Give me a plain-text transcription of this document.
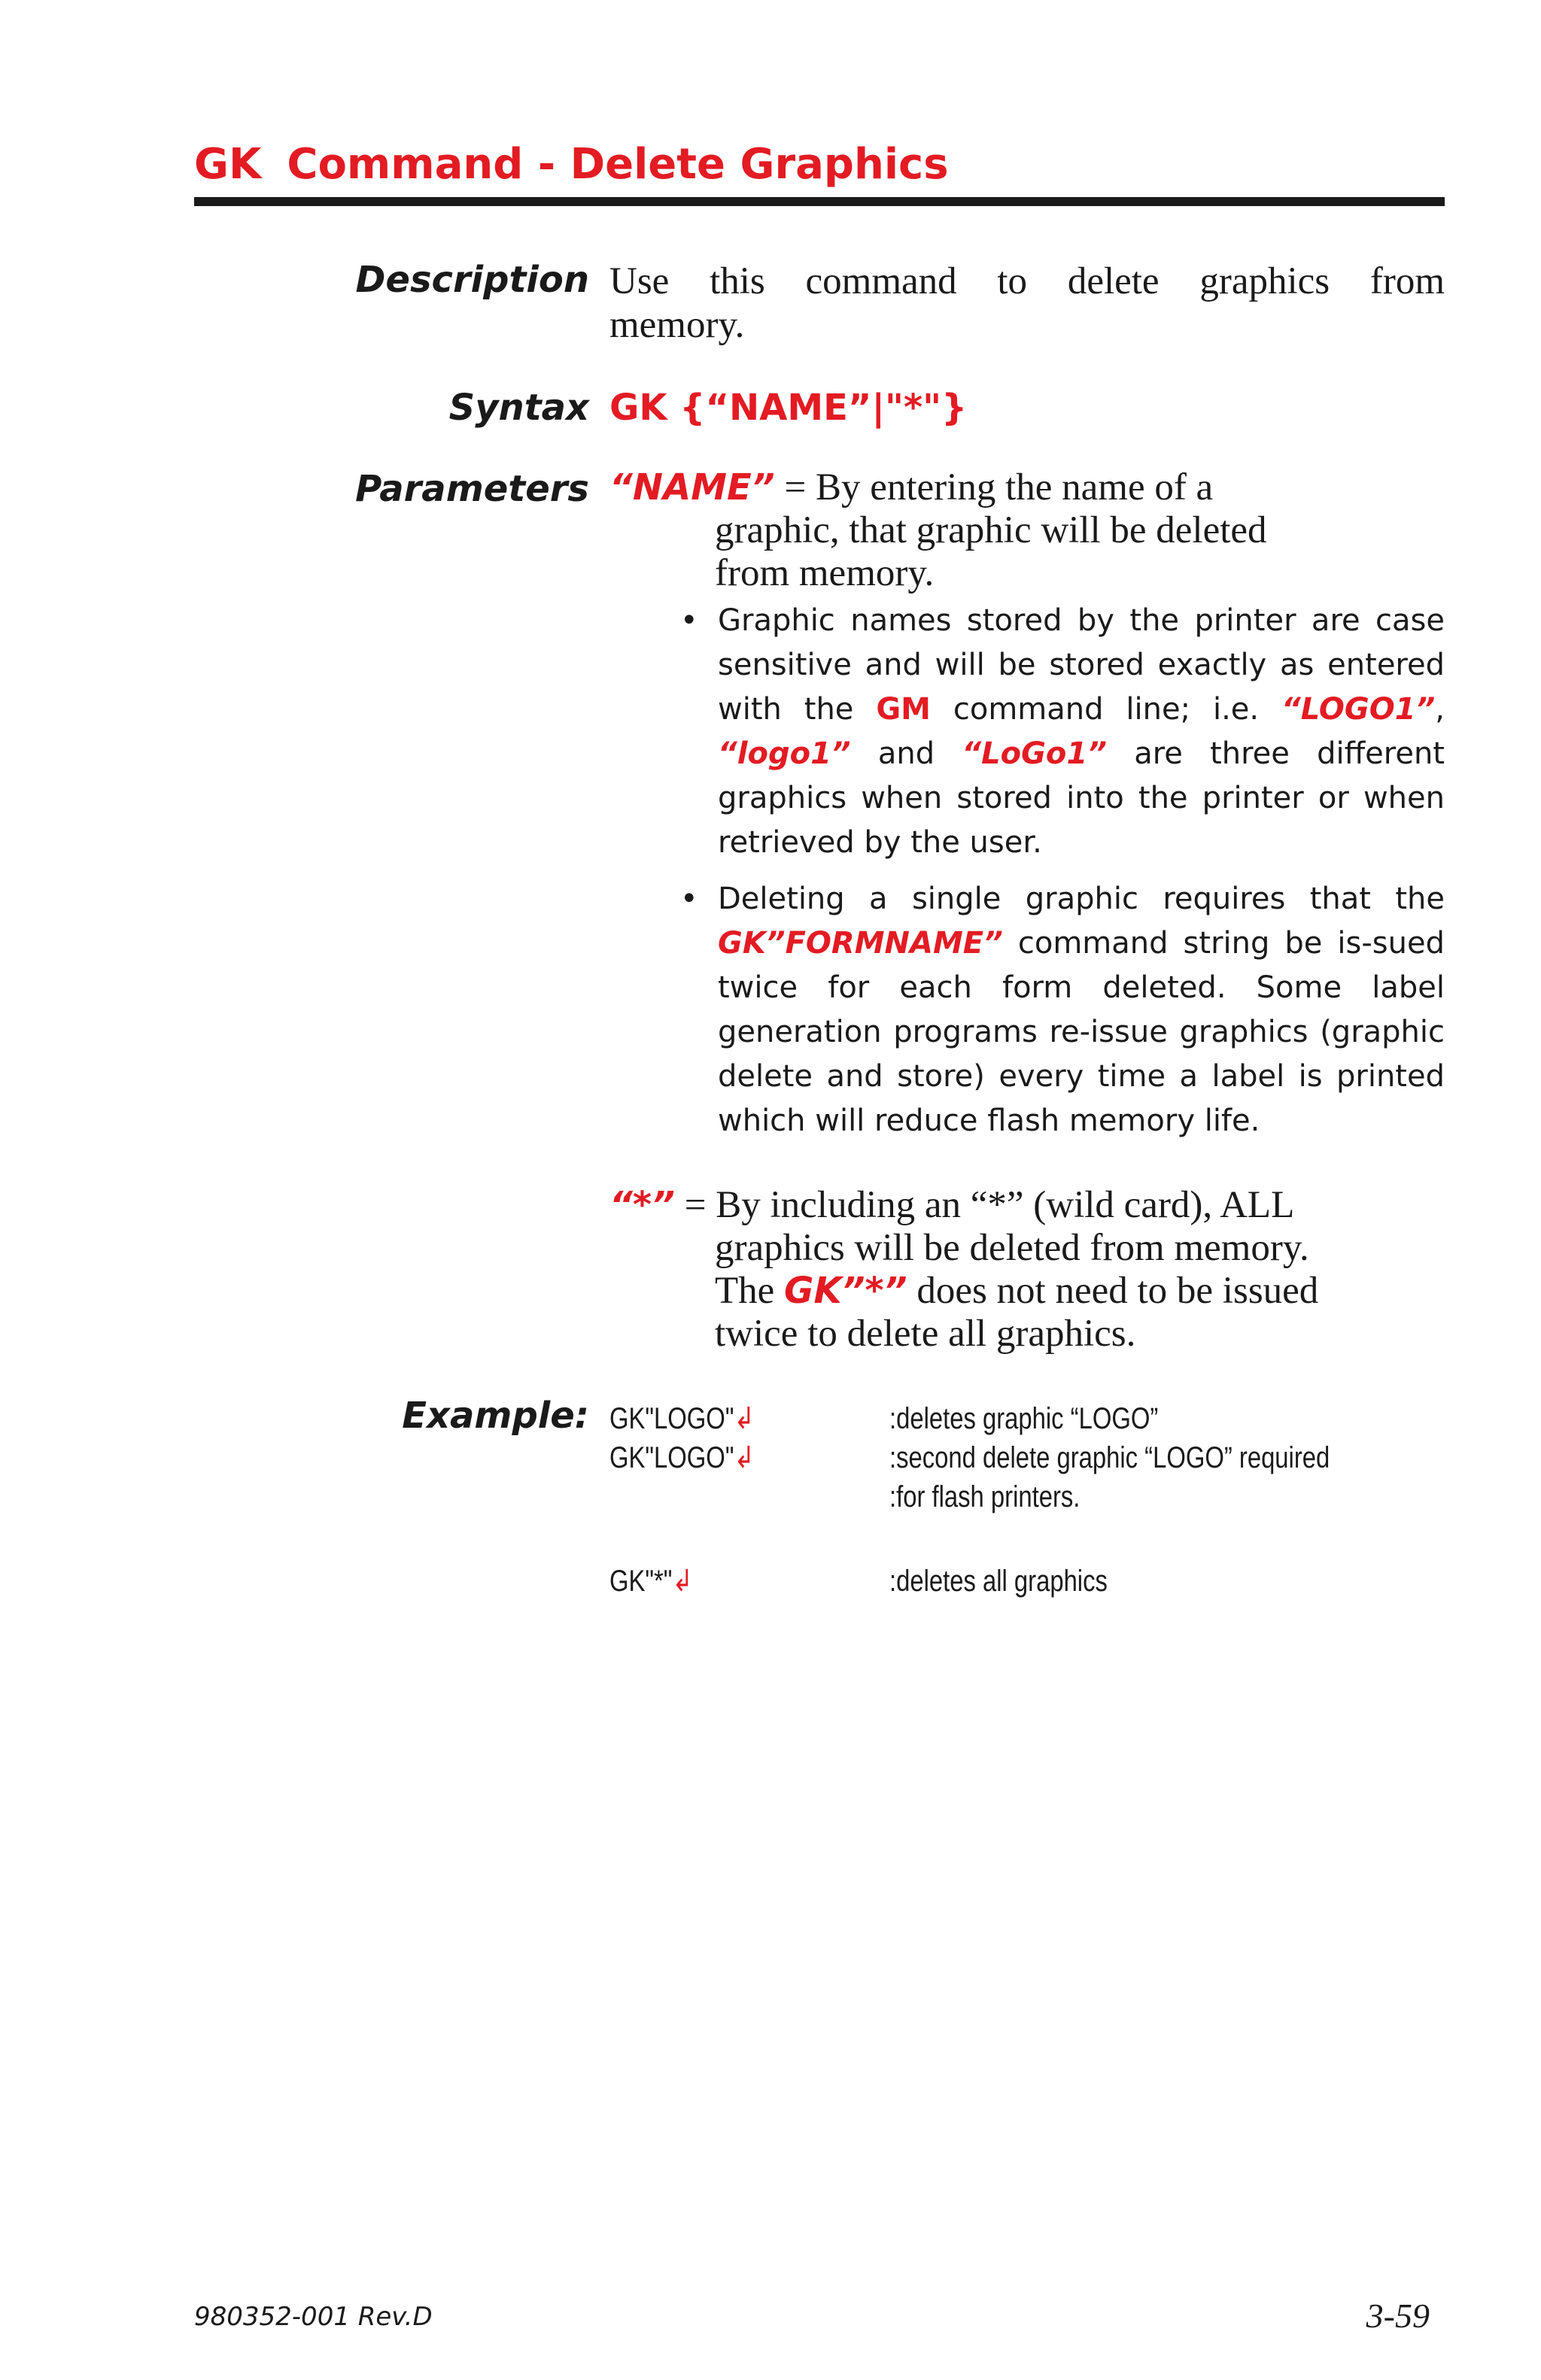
GK Command - Delete Graphics
Description Use this command to delete graphics from
memory.
Syntax GK {“NAME”|"*"}
Parameters “NAME” = By entering the name of a
graphic, that graphic will be deleted
from memory.
• Graphic names stored by the printer are case sensitive and will be stored exactly as entered with the GM command line; i.e. “LOGO1”, “logo1” and “LoGo1” are three different graphics when stored into the printer or when retrieved by the user.
• Deleting a single graphic requires that the GK”FORMNAME” command string be is-sued twice for each form deleted. Some label generation programs re-issue graphics (graphic delete and store) every time a label is printed which will reduce flash memory life.
“*” = By including an “*” (wild card), ALL
graphics will be deleted from memory.
The GK”*” does not need to be issued
twice to delete all graphics.
Example: GK"LOGO"↲	:deletes graphic “LOGO”
GK"LOGO"↲	:second delete graphic “LOGO” required
:for flash printers.
GK"*"↲	:deletes all graphics
980352-001 Rev.D	3-59
